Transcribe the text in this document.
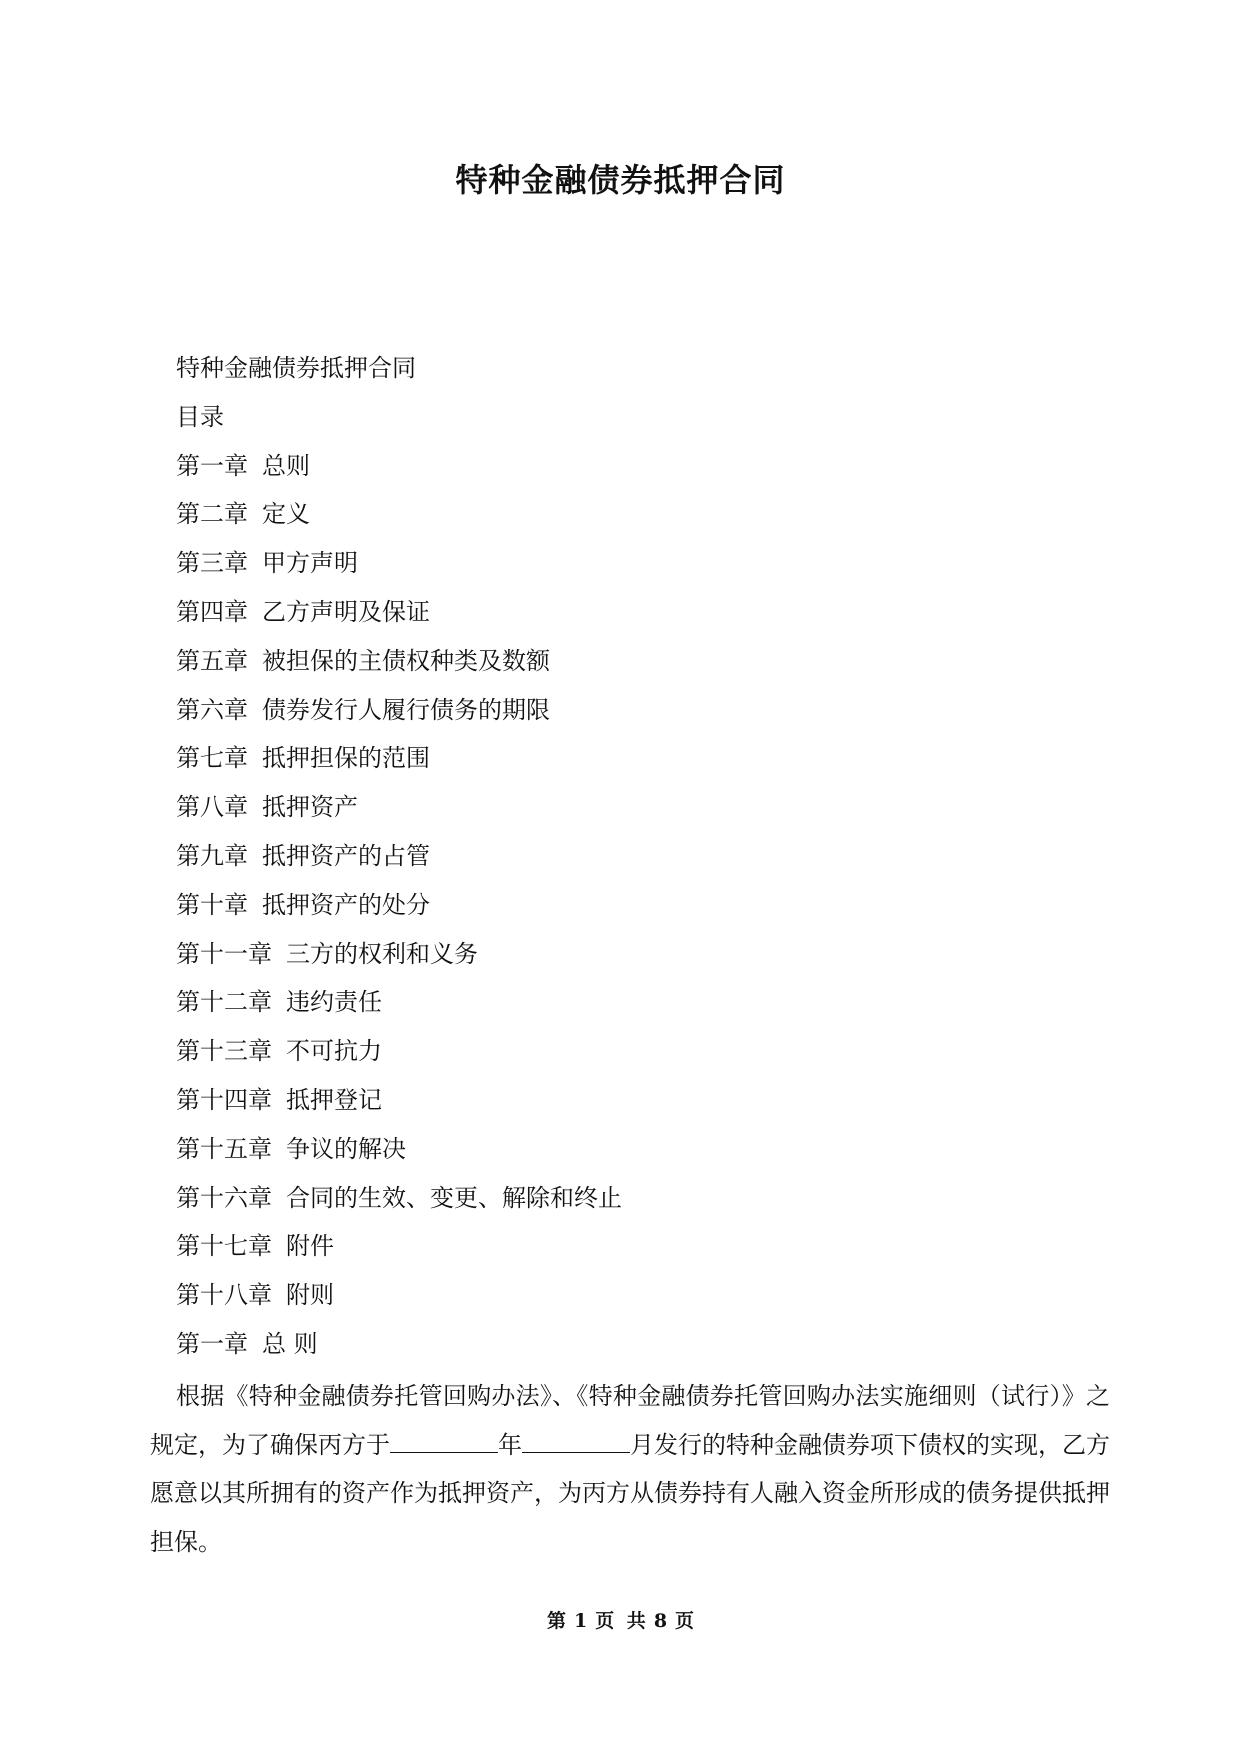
特种金融债券抵押合同
特种金融债券抵押合同
目录
第一章 总则
第二章 定义
第三章 甲方声明
第四章 乙方声明及保证
第五章 被担保的主债权种类及数额
第六章 债券发行人履行债务的期限
第七章 抵押担保的范围
第八章 抵押资产
第九章 抵押资产的占管
第十章 抵押资产的处分
第十一章 三方的权利和义务
第十二章 违约责任
第十三章 不可抗力
第十四章 抵押登记
第十五章 争议的解决
第十六章 合同的生效、变更、解除和终止
第十七章 附件
第十八章 附则
第一章 总 则

根据《特种金融债券托管回购办法》、《特种金融债券托管回购办法实施细则（试行）》之规定，为了确保丙方于	年	月发行的特种金融债券项下债权的实现，乙方愿意以其所拥有的资产作为抵押资产，为丙方从债券持有人融入资金所形成的债务提供抵押担保。

第 1 页 共 8 页
